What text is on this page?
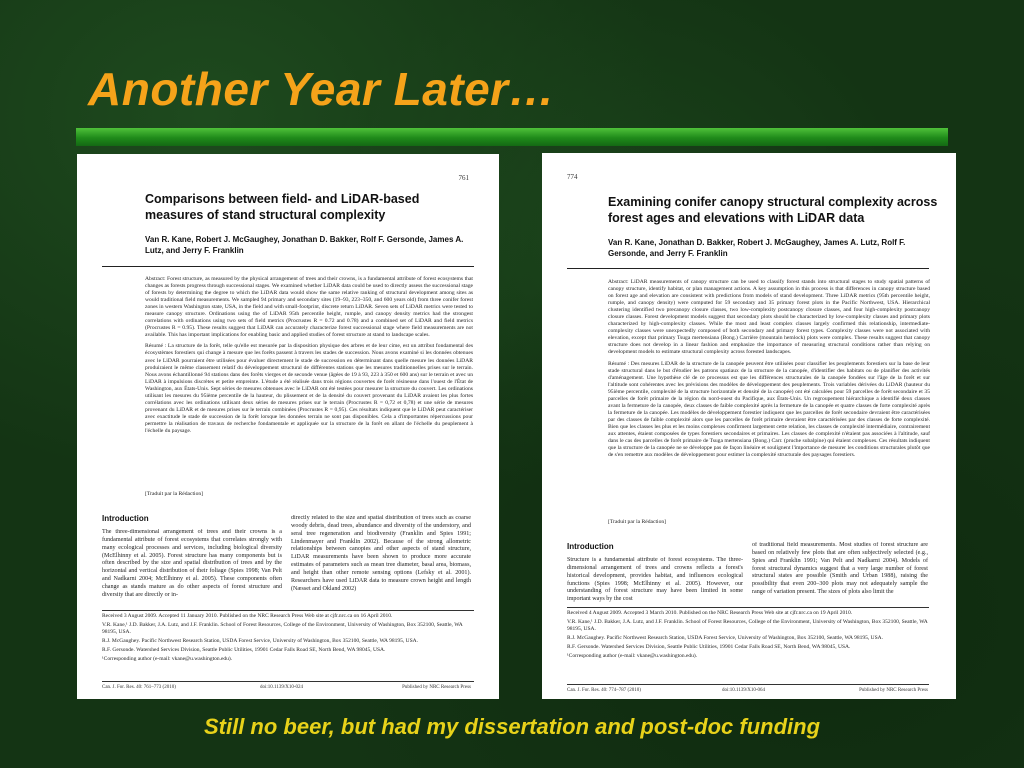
Another Year Later…
761
Comparisons between field- and LiDAR-based measures of stand structural complexity
Van R. Kane, Robert J. McGaughey, Jonathan D. Bakker, Rolf F. Gersonde, James A. Lutz, and Jerry F. Franklin

Abstract: Forest structure, as measured by the physical arrangement of trees and their crowns, is a fundamental attribute of forest ecosystems that changes as forests progress through successional stages. We examined whether LiDAR data could be used to directly assess the successional stage of forests by determining the degree to which the LiDAR data would show the same relative ranking of structural development among sites as would traditional field measurements. We sampled 94 primary and secondary sites (19–93, 223–350, and 600 years old) from three conifer forest zones in western Washington state, USA, in the field and with small-footprint, discrete return LiDAR. Seven sets of LiDAR metrics were tested to measure canopy structure. Ordinations using the of LiDAR 95th percentile height, rumple, and canopy density metrics had the strongest correlations with ordinations using two sets of field metrics (Procrustes R = 0.72 and 0.78) and a combined set of LiDAR and field metrics (Procrustes R = 0.95). These results suggest that LiDAR can accurately characterize forest successional stage where field measurements are not available. This has important implications for enabling basic and applied studies of forest structure at stand to landscape scales.

Résumé : La structure de la forêt, telle qu'elle est mesurée par la disposition physique des arbres et de leur cime, est un attribut fondamental des écosystèmes forestiers qui change à mesure que les forêts passent à travers les stades de succession. Nous avons examiné si les données obtenues avec le LiDAR pourraient être utilisées pour évaluer directement le stade de succession en déterminant dans quelle mesure les données LiDAR produiraient le même classement relatif du développement structural de différentes stations que les mesures traditionnelles prises sur le terrain. Nous avons échantillonné 94 stations dans des forêts vierges et de seconde venue (âgées de 19 à 93, 223 à 350 et 600 ans) sur le terrain et avec un LiDAR à impulsions discrètes et petite empreinte. L'étude a été réalisée dans trois régions couvertes de forêt résineuse dans l'ouest de l'État de Washington, aux États-Unis. Sept séries de mesures obtenues avec le LiDAR ont été testées pour mesurer la structure du couvert. Les ordinations utilisant les mesures du 95ième percentile de la hauteur, du plissement et de la densité du couvert provenant du LiDAR avaient les plus fortes corrélations avec les ordinations utilisant deux séries de mesures prises sur le terrain (Procrustes R = 0,72 et 0,78) et une série de mesures provenant du LiDAR et de mesures prises sur le terrain combinées (Procrustes R = 0,95). Ces résultats indiquent que le LiDAR peut caractériser avec exactitude le stade de succession de la forêt lorsque les données terrain ne sont pas disponibles. Cela a d'importantes répercussions pour permettre la réalisation de travaux de recherche fondamentale et appliquée sur la structure de la forêt en allant de l'échelle du peuplement à l'échelle du paysage.

[Traduit par la Rédaction]
Introduction
The three-dimensional arrangement of trees and their crowns is a fundamental attribute of forest ecosystems that correlates strongly with many ecological processes and services, including biological diversity (McElhinny et al. 2005). Forest structure has many components but is often described by the size and spatial distribution of trees and by the horizontal and vertical distribution of their foliage (Spies 1998; Van Pelt and Nadkarni 2004; McElhinny et al. 2005). These components often change as stands mature as do other aspects of forest structure and diversity that are directly or in-
directly related to the size and spatial distribution of trees such as coarse woody debris, dead trees, abundance and diversity of the understory, and seral tree regeneration and biodiversity (Franklin and Spies 1991; Lindenmayer and Franklin 2002). Because of the strong allometric relationships between canopies and other aspects of stand structure, LiDAR measurements have been shown to produce more accurate estimates of parameters such as mean tree diameter, basal area, biomass, and height than other remote sensing options (Lefsky et al. 2001). Researchers have used LiDAR data to measure crown height and length (Næsset and Okland 2002)
Received 3 August 2009. Accepted 11 January 2010. Published on the NRC Research Press Web site at cjfr.nrc.ca on 16 April 2010.
V.R. Kane,¹ J.D. Bakker, J.A. Lutz, and J.F. Franklin. School of Forest Resources, College of the Environment, University of Washington, Box 352100, Seattle, WA 98195, USA.
R.J. McGaughey. Pacific Northwest Research Station, USDA Forest Service, University of Washington, Box 352100, Seattle, WA 98195, USA.
R.F. Gersonde. Watershed Services Division, Seattle Public Utilities, 19901 Cedar Falls Road SE, North Bend, WA 98045, USA.
¹Corresponding author (e-mail: vkane@u.washington.edu).
Can. J. For. Res. 40: 761–773 (2010)	doi:10.1139/X10-024	Published by NRC Research Press
774
Examining conifer canopy structural complexity across forest ages and elevations with LiDAR data
Van R. Kane, Jonathan D. Bakker, Robert J. McGaughey, James A. Lutz, Rolf F. Gersonde, and Jerry F. Franklin

Abstract: LiDAR measurements of canopy structure can be used to classify forest stands into structural stages to study spatial patterns of canopy structure, identify habitat, or plan management actions. A key assumption in this process is that differences in canopy structure based on forest age and elevation are consistent with predictions from models of stand development. Three LiDAR metrics (95th percentile height, rumple, and canopy density) were computed for 59 secondary and 35 primary forest plots in the Pacific Northwest, USA. Hierarchical clustering identified two precanopy closure classes, two low-complexity postcanopy closure classes, and four high-complexity postcanopy closure classes. Forest development models suggest that secondary plots should be characterized by low-complexity classes and primary plots characterized by high-complexity classes. While the most and least complex classes largely confirmed this relationship, intermediate-complexity classes were unexpectedly composed of both secondary and primary forest types. Complexity classes were not associated with elevation, except that primary Tsuga mertensiana (Bong.) Carrière (mountain hemlock) plots were complex. These results suggest that canopy structure does not develop in a linear fashion and emphasize the importance of measuring structural conditions rather than relying on development models to estimate structural complexity across forested landscapes.

Résumé : Des mesures LiDAR de la structure de la canopée peuvent être utilisées pour classifier les peuplements forestiers sur la base de leur stade structural dans le but d'étudier les patrons spatiaux de la structure de la canopée, d'identifier des habitats ou de planifier des activités d'aménagement. Une hypothèse clé de ce processus est que les différences structurales de la canopée fondées sur l'âge de la forêt et sur l'altitude sont cohérentes avec les prévisions des modèles de développement des peuplements. Trois variables dérivées du LiDAR (hauteur du 95ième percentile, complexité de la structure horizontale et densité de la canopée) ont été calculées pour 59 parcelles de forêt secondaire et 35 parcelles de forêt primaire de la région du nord-ouest du Pacifique, aux États-Unis. Un regroupement hiérarchique a identifié deux classes avant la fermeture de la canopée, deux classes de faible complexité après la fermeture de la canopée et quatre classes de forte complexité après la fermeture de la canopée. Les modèles de développement forestier indiquent que les parcelles de forêt secondaire devraient être caractérisées par des classes de faible complexité alors que les parcelles de forêt primaire devraient être caractérisées par des classes de forte complexité. Bien que les classes les plus et les moins complexes confirment largement cette relation, les classes de complexité intermédiaire, contrairement aux attentes, étaient composées de types forestiers secondaires et primaires. Les classes de complexité n'étaient pas associées à l'altitude, sauf dans le cas des parcelles de forêt primaire de Tsuga mertensiana (Bong.) Carr. (pruche subalpine) qui étaient complexes. Ces résultats indiquent que la structure de la canopée ne se développe pas de façon linéaire et soulignent l'importance de mesurer les conditions structurales plutôt que de s'en remettre aux modèles de développement pour estimer la complexité structurale des paysages forestiers.

[Traduit par la Rédaction]
Introduction
Structure is a fundamental attribute of forest ecosystems. The three-dimensional arrangement of trees and crowns reflects a forest's historical development, provides habitat, and influences ecological functions (Spies 1998; McElhinny et al. 2005). However, our understanding of forest structure may have been limited in some important ways by the cost
of traditional field measurements. Most studies of forest structure are based on relatively few plots that are often subjectively selected (e.g., Spies and Franklin 1991; Van Pelt and Nadkarni 2004). Models of forest structural dynamics suggest that a very large number of forest structural states are possible (Smith and Urban 1988), raising the possibility that even 200–300 plots may not adequately sample the range of variation present. The sizes of plots also limit the
Received 4 August 2009. Accepted 3 March 2010. Published on the NRC Research Press Web site at cjfr.nrc.ca on 19 April 2010.
V.R. Kane,¹ J.D. Bakker, J.A. Lutz, and J.F. Franklin. School of Forest Resources, College of the Environment, University of Washington, Box 352100, Seattle, WA 98195, USA.
R.J. McGaughey. Pacific Northwest Research Station, USDA Forest Service, University of Washington, Box 352100, Seattle, WA 98195, USA.
R.F. Gersonde. Watershed Services Division, Seattle Public Utilities, 19901 Cedar Falls Road SE, North Bend, WA 98045, USA.
¹Corresponding author (e-mail: vkane@u.washington.edu).
Can. J. For. Res. 40: 774–787 (2010)	doi:10.1139/X10-064	Published by NRC Research Press

Still no beer, but had my dissertation and post-doc funding
